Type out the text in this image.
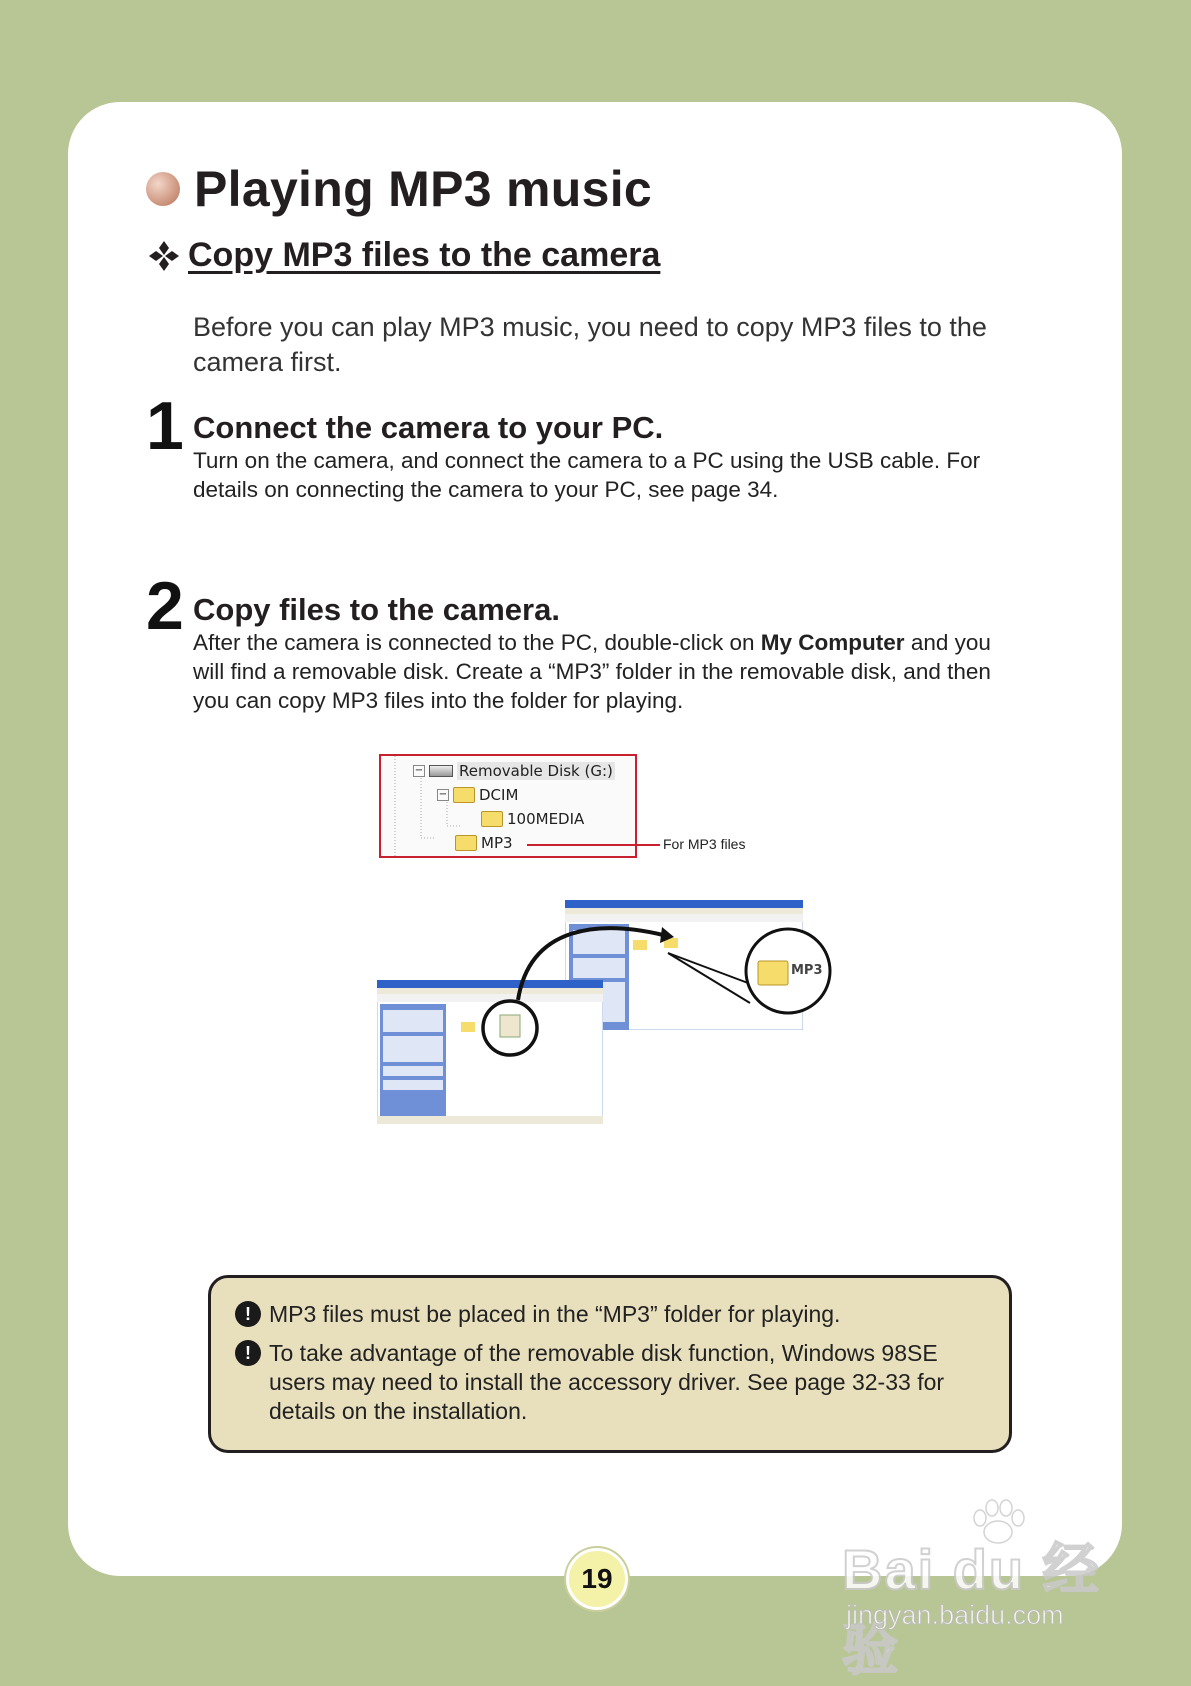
Playing MP3 music
Copy MP3 files to the camera
Before you can play MP3 music, you need to copy MP3 files to the camera first.
1 Connect the camera to your PC.
Turn on the camera, and connect the camera to a PC using the USB cable. For details on connecting the camera to your PC, see page 34.
2 Copy files to the camera.
After the camera is connected to the PC, double-click on My Computer and you will find a removable disk. Create a “MP3” folder in the removable disk, and then you can copy MP3 files into the folder for playing.
− Removable Disk (G:)
− DCIM
100MEDIA
MP3	For MP3 files
MP3
! MP3 files must be placed in the “MP3” folder for playing.
! To take advantage of the removable disk function, Windows 98SE users may need to install the accessory driver. See page 32-33 for details on the installation.
19	Bai du 经验
jingyan.baidu.com
